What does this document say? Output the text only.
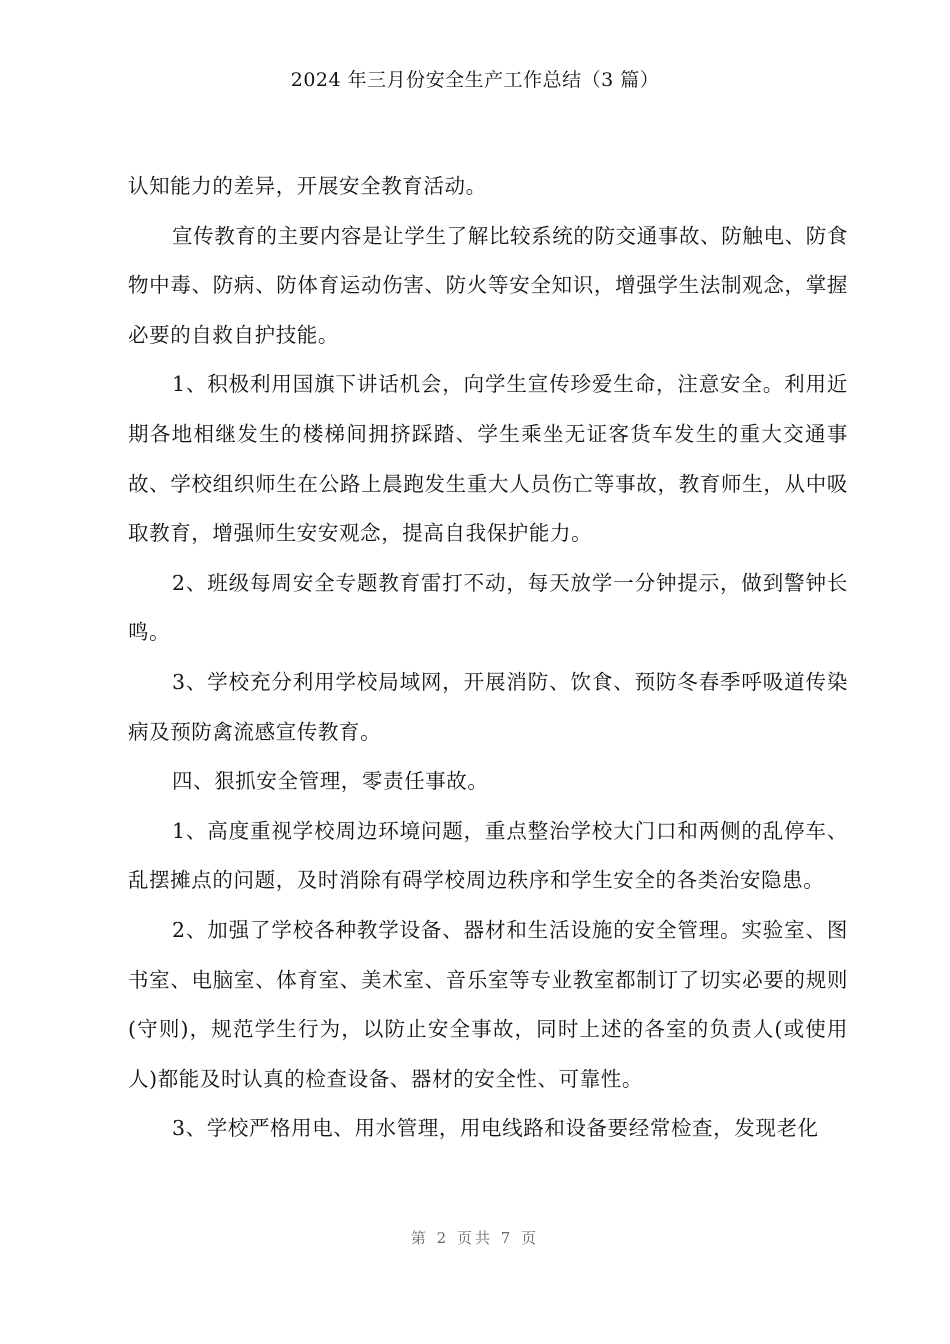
2024 年三月份安全生产工作总结（3 篇）

认知能力的差异，开展安全教育活动。

宣传教育的主要内容是让学生了解比较系统的防交通事故、防触电、防食物中毒、防病、防体育运动伤害、防火等安全知识，增强学生法制观念，掌握必要的自救自护技能。

1、积极利用国旗下讲话机会，向学生宣传珍爱生命，注意安全。利用近期各地相继发生的楼梯间拥挤踩踏、学生乘坐无证客货车发生的重大交通事故、学校组织师生在公路上晨跑发生重大人员伤亡等事故，教育师生，从中吸取教育，增强师生安安观念，提高自我保护能力。

2、班级每周安全专题教育雷打不动，每天放学一分钟提示，做到警钟长鸣。

3、学校充分利用学校局域网，开展消防、饮食、预防冬春季呼吸道传染病及预防禽流感宣传教育。

四、狠抓安全管理，零责任事故。

1、高度重视学校周边环境问题，重点整治学校大门口和两侧的乱停车、乱摆摊点的问题，及时消除有碍学校周边秩序和学生安全的各类治安隐患。

2、加强了学校各种教学设备、器材和生活设施的安全管理。实验室、图书室、电脑室、体育室、美术室、音乐室等专业教室都制订了切实必要的规则(守则)，规范学生行为，以防止安全事故，同时上述的各室的负责人(或使用人)都能及时认真的检查设备、器材的安全性、可靠性。

3、学校严格用电、用水管理，用电线路和设备要经常检查，发现老化

第 2 页共 7 页
